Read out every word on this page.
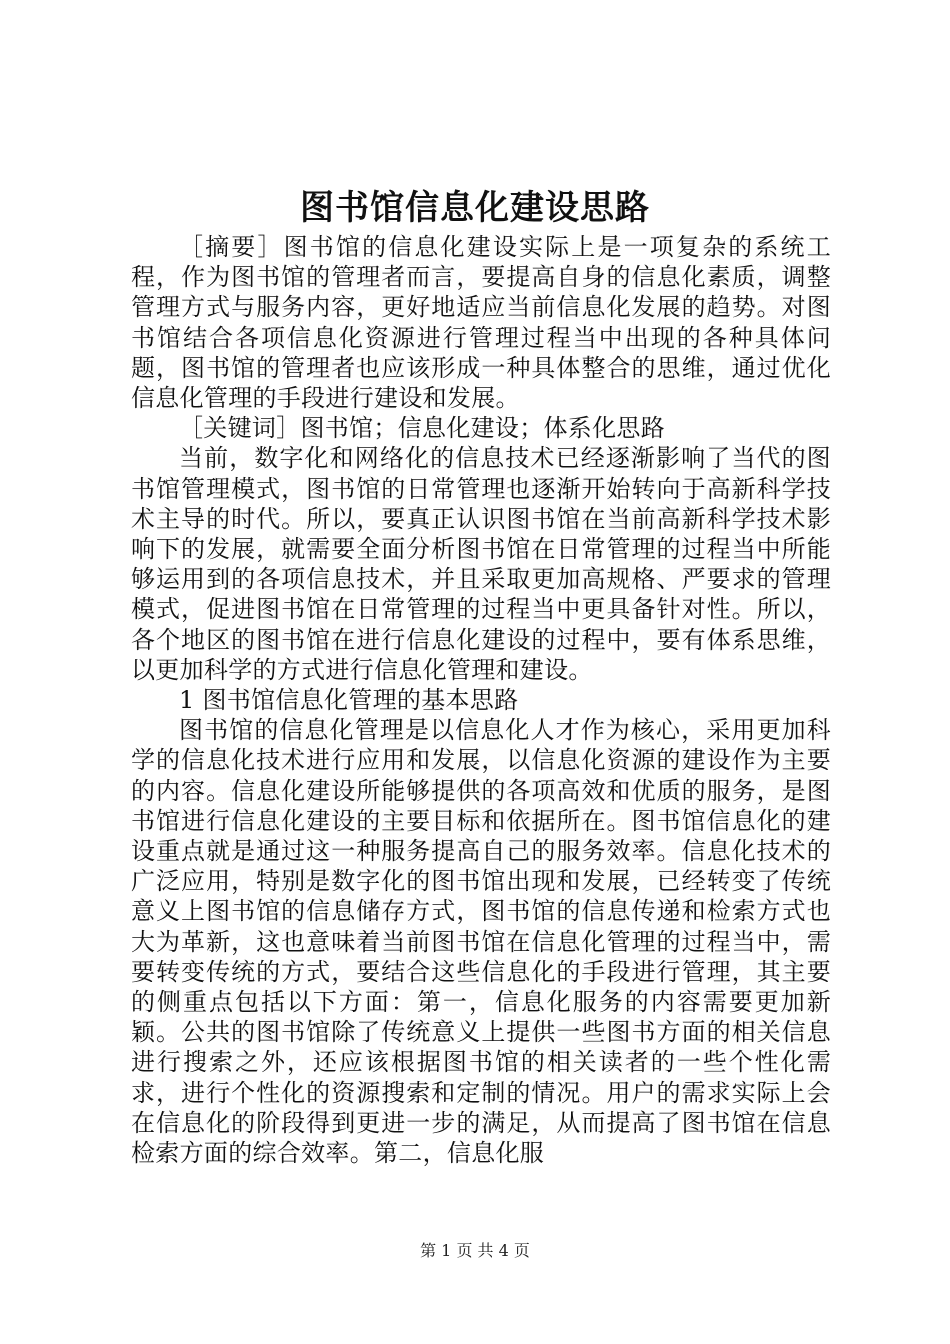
图书馆信息化建设思路

［摘要］图书馆的信息化建设实际上是一项复杂的系统工程，作为图书馆的管理者而言，要提高自身的信息化素质，调整管理方式与服务内容，更好地适应当前信息化发展的趋势。对图书馆结合各项信息化资源进行管理过程当中出现的各种具体问题，图书馆的管理者也应该形成一种具体整合的思维，通过优化信息化管理的手段进行建设和发展。

［关键词］图书馆；信息化建设；体系化思路

当前，数字化和网络化的信息技术已经逐渐影响了当代的图书馆管理模式，图书馆的日常管理也逐渐开始转向于高新科学技术主导的时代。所以，要真正认识图书馆在当前高新科学技术影响下的发展，就需要全面分析图书馆在日常管理的过程当中所能够运用到的各项信息技术，并且采取更加高规格、严要求的管理模式，促进图书馆在日常管理的过程当中更具备针对性。所以，各个地区的图书馆在进行信息化建设的过程中，要有体系思维，以更加科学的方式进行信息化管理和建设。

1 图书馆信息化管理的基本思路

图书馆的信息化管理是以信息化人才作为核心，采用更加科学的信息化技术进行应用和发展，以信息化资源的建设作为主要的内容。信息化建设所能够提供的各项高效和优质的服务，是图书馆进行信息化建设的主要目标和依据所在。图书馆信息化的建设重点就是通过这一种服务提高自己的服务效率。信息化技术的广泛应用，特别是数字化的图书馆出现和发展，已经转变了传统意义上图书馆的信息储存方式，图书馆的信息传递和检索方式也大为革新，这也意味着当前图书馆在信息化管理的过程当中，需要转变传统的方式，要结合这些信息化的手段进行管理，其主要的侧重点包括以下方面：第一，信息化服务的内容需要更加新颖。公共的图书馆除了传统意义上提供一些图书方面的相关信息进行搜索之外，还应该根据图书馆的相关读者的一些个性化需求，进行个性化的资源搜索和定制的情况。用户的需求实际上会在信息化的阶段得到更进一步的满足，从而提高了图书馆在信息检索方面的综合效率。第二，信息化服

第 1 页 共 4 页
